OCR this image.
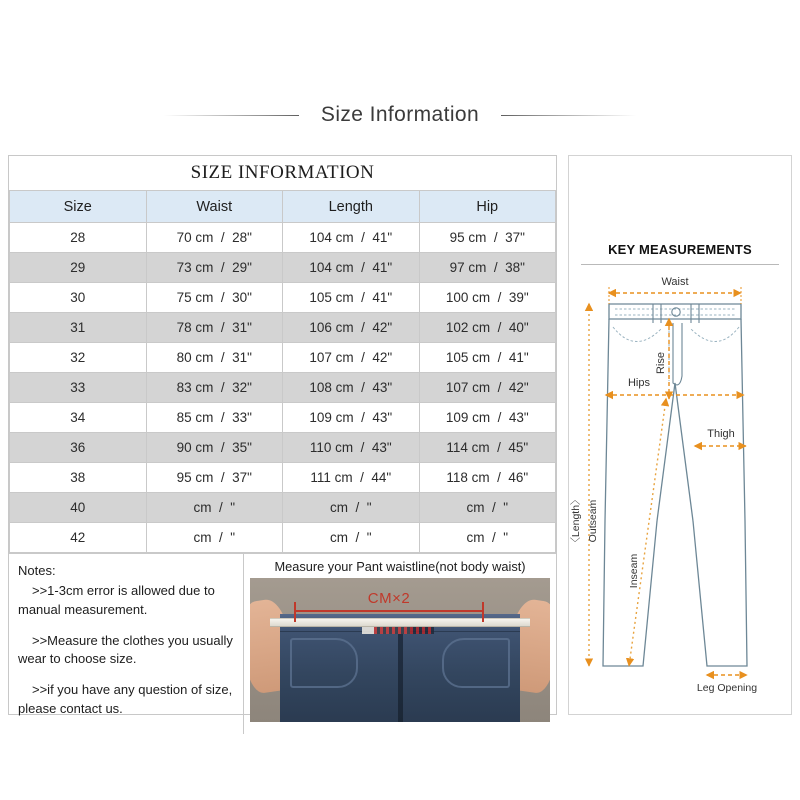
Size Information
SIZE INFORMATION			
Size	Waist	Length	Hip
28	70 cm  /  28"	104 cm  /  41"	95 cm  /  37"
29	73 cm  /  29"	104 cm  /  41"	97 cm  /  38"
30	75 cm  /  30"	105 cm  /  41"	100 cm  /  39"
31	78 cm  /  31"	106 cm  /  42"	102 cm  /  40"
32	80 cm  /  31"	107 cm  /  42"	105 cm  /  41"
33	83 cm  /  32"	108 cm  /  43"	107 cm  /  42"
34	85 cm  /  33"	109 cm  /  43"	109 cm  /  43"
36	90 cm  /  35"	110 cm  /  43"	114 cm  /  45"
38	95 cm  /  37"	111 cm  /  44"	118 cm  /  46"
40	cm  /  "	cm  /  "	cm  /  "
42	cm  /  "	cm  /  "	cm  /  "
Notes:

>>1-3cm error is allowed due to manual measurement.

>>Measure the clothes you usually wear to choose size.

>>if you have any question of size, please contact us.

Measure your Pant waistline(not body waist)
CM×2
KEY MEASUREMENTS
Waist
Rise
Hips
Thigh
〈Length〉 Outseam
Inseam
Leg Opening
